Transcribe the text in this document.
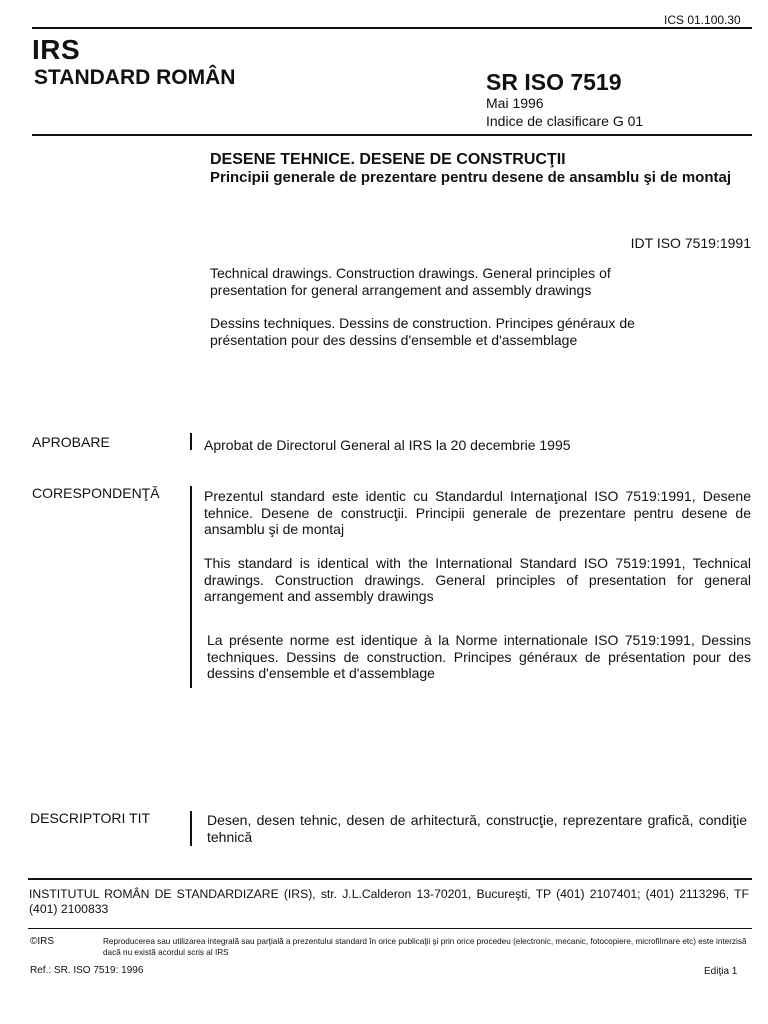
ICS 01.100.30
IRS
STANDARD ROMÂN	SR ISO 7519
Mai 1996
Indice de clasificare G 01

DESENE TEHNICE. DESENE DE CONSTRUCŢII

Principii generale de prezentare pentru desene de ansamblu şi de montaj

IDT ISO 7519:1991
Technical drawings. Construction drawings. General principles of presentation for general arrangement and assembly drawings
Dessins techniques. Dessins de construction. Principes généraux de présentation pour des dessins d'ensemble et d'assemblage
APROBARE	Aprobat de Directorul General al IRS la 20 decembrie 1995
CORESPONDENŢĂ	Prezentul standard este identic cu Standardul Internaţional ISO 7519:1991, Desene tehnice. Desene de construcţii. Principii generale de prezentare pentru desene de ansamblu şi de montaj
This standard is identical with the International Standard ISO 7519:1991, Technical drawings. Construction drawings. General principles of presentation for general arrangement and assembly drawings
La présente norme est identique à la Norme internationale ISO 7519:1991, Dessins techniques. Dessins de construction. Principes généraux de présentation pour des dessins d'ensemble et d'assemblage
DESCRIPTORI TIT	Desen, desen tehnic, desen de arhitectură, construcţie, reprezentare grafică, condiţie tehnică
INSTITUTUL ROMÂN DE STANDARDIZARE (IRS), str. J.L.Calderon 13-70201, Bucureşti, TP (401) 2107401; (401) 2113296, TF (401) 2100833
©IRS	Reproducerea sau utilizarea integrală sau parţială a prezentului standard în orice publicaţii şi prin orice procedeu (electronic, mecanic, fotocopiere, microfilmare etc) este interzisă dacă nu există acordul scris al IRS
Ref.: SR. ISO 7519: 1996	Ediţia 1
